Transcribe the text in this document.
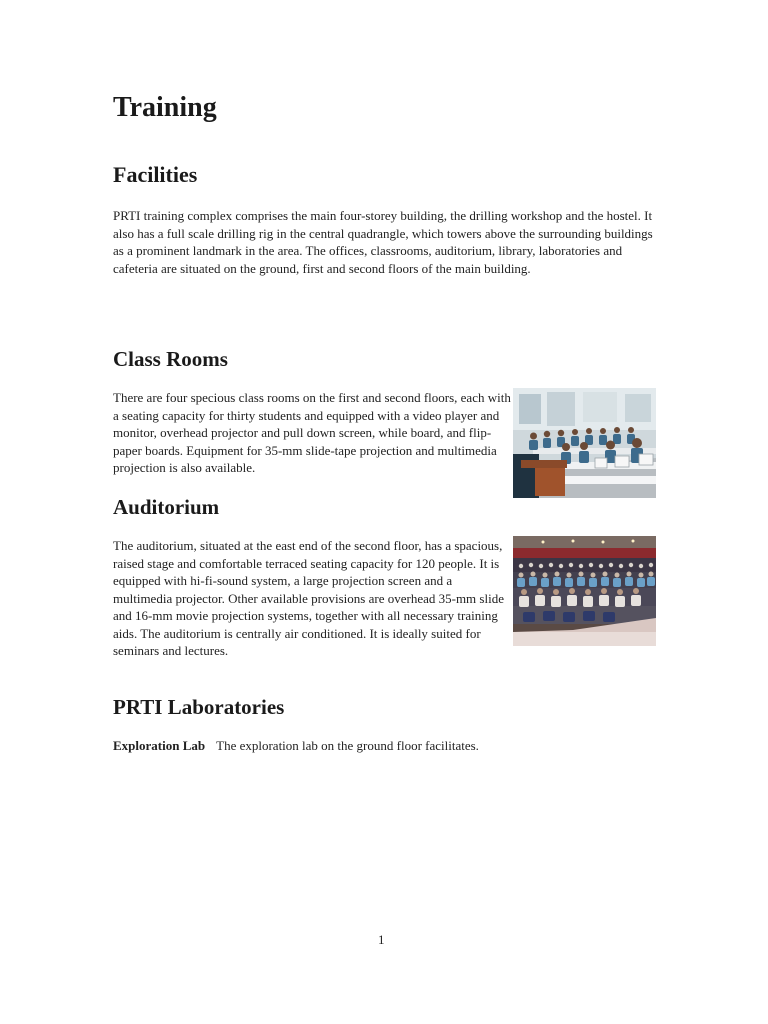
Training
Facilities

PRTI training complex comprises the main four-storey building, the drilling workshop and the hostel. It also has a full scale drilling rig in the central quadrangle, which towers above the surrounding buildings as a prominent landmark in the area. The offices, classrooms, auditorium, library, laboratories and cafeteria are situated on the ground, first and second floors of the main building.

Class Rooms

There are four specious class rooms on the first and second floors, each with a seating capacity for thirty students and equipped with a video player and monitor, overhead projector and pull down screen, while board, and flip-paper boards. Equipment for 35-mm slide-tape projection and multimedia projection is also available.

Auditorium

The auditorium, situated at the east end of the second floor, has a spacious, raised stage and comfortable terraced seating capacity for 120 people. It is equipped with hi-fi-sound system, a large projection screen and a multimedia projector. Other available provisions are overhead 35-mm slide and 16-mm movie projection systems, together with all necessary training aids. The auditorium is centrally air conditioned. It is ideally suited for seminars and lectures.

PRTI Laboratories
Exploration Lab The exploration lab on the ground floor facilitates.
1
